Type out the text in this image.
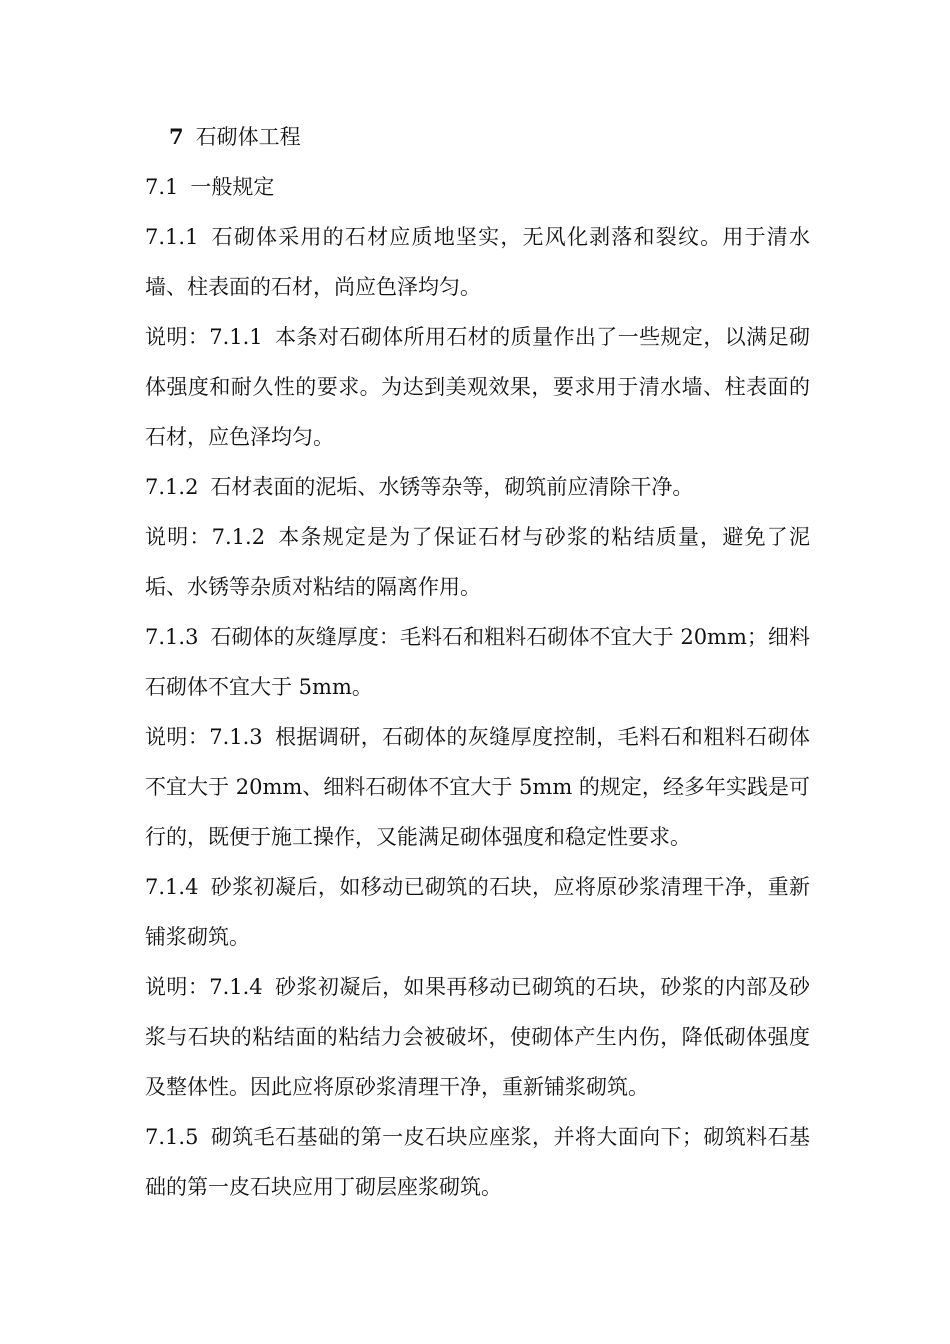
7 石砌体工程
7.1 一般规定

7.1.1 石砌体采用的石材应质地坚实，无风化剥落和裂纹。用于清水墙、柱表面的石材，尚应色泽均匀。

说明：7.1.1 本条对石砌体所用石材的质量作出了一些规定，以满足砌体强度和耐久性的要求。为达到美观效果，要求用于清水墙、柱表面的石材，应色泽均匀。

7.1.2 石材表面的泥垢、水锈等杂等，砌筑前应清除干净。

说明：7.1.2 本条规定是为了保证石材与砂浆的粘结质量，避免了泥垢、水锈等杂质对粘结的隔离作用。

7.1.3 石砌体的灰缝厚度：毛料石和粗料石砌体不宜大于 20mm；细料石砌体不宜大于 5mm。

说明：7.1.3 根据调研，石砌体的灰缝厚度控制，毛料石和粗料石砌体不宜大于 20mm、细料石砌体不宜大于 5mm 的规定，经多年实践是可行的，既便于施工操作，又能满足砌体强度和稳定性要求。

7.1.4 砂浆初凝后，如移动已砌筑的石块，应将原砂浆清理干净，重新铺浆砌筑。

说明：7.1.4 砂浆初凝后，如果再移动已砌筑的石块，砂浆的内部及砂浆与石块的粘结面的粘结力会被破坏，使砌体产生内伤，降低砌体强度及整体性。因此应将原砂浆清理干净，重新铺浆砌筑。

7.1.5 砌筑毛石基础的第一皮石块应座浆，并将大面向下；砌筑料石基础的第一皮石块应用丁砌层座浆砌筑。
